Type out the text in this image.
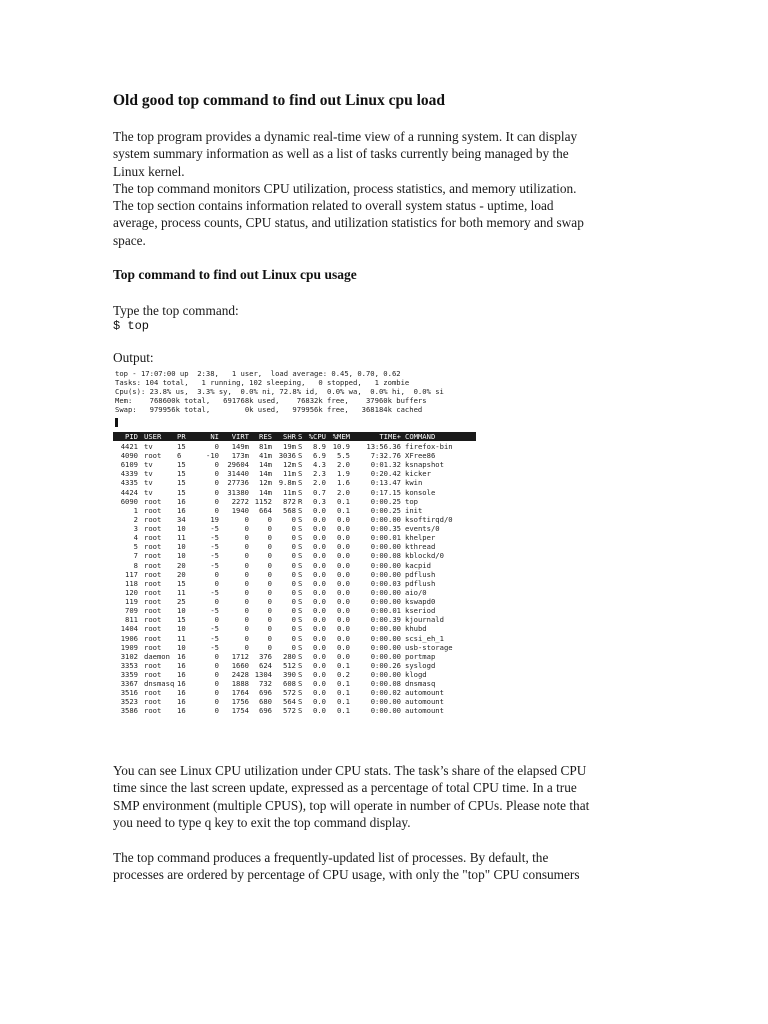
Old good top command to find out Linux cpu load
The top program provides a dynamic real-time view of a running system. It can display
system summary information as well as a list of tasks currently being managed by the
Linux kernel.
The top command monitors CPU utilization, process statistics, and memory utilization.
The top section contains information related to overall system status - uptime, load
average, process counts, CPU status, and utilization statistics for both memory and swap
space.
Top command to find out Linux cpu usage
Type the top command:
$ top
Output:
top - 17:07:00 up  2:38,   1 user,  load average: 0.45, 0.70, 0.62
Tasks: 104 total,   1 running, 102 sleeping,   0 stopped,   1 zombie
Cpu(s): 23.8% us,  3.3% sy,  0.0% ni, 72.8% id,  0.0% wa,  0.0% hi,  0.0% si
Mem:    768600k total,   691768k used,    76832k free,    37960k buffers
Swap:   979956k total,        0k used,   979956k free,   368184k cached
PID USER	PR	NI	VIRT	RES	SHR S %CPU %MEM	TIME+ COMMAND
4421 tv	15	0	149m	81m	19m S	8.9 10.9	13:56.36 firefox-bin
4090 root	6	-10	173m	41m 3036 S	6.9	5.5	7:32.76 XFree86
6109 tv	15	0	29604	14m	12m S	4.3	2.0	0:01.32 ksnapshot
4339 tv	15	0	31440	14m	11m S	2.3	1.9	0:20.42 kicker
4335 tv	15	0	27736	12m 9.8m S	2.0	1.6	0:13.47 kwin
4424 tv	15	0	31380	14m	11m S	0.7	2.0	0:17.15 konsole
6090 root	16	0	2272 1152	872 R	0.3	0.1	0:00.25 top
1 root	16	0	1940	664	568 S	0.0	0.1	0:00.25 init
2 root	34	19	0	0	0 S	0.0	0.0	0:00.00 ksoftirqd/0
3 root	10	-5	0	0	0 S	0.0	0.0	0:00.35 events/0
4 root	11	-5	0	0	0 S	0.0	0.0	0:00.01 khelper
5 root	10	-5	0	0	0 S	0.0	0.0	0:00.00 kthread
7 root	10	-5	0	0	0 S	0.0	0.0	0:00.08 kblockd/0
8 root	20	-5	0	0	0 S	0.0	0.0	0:00.00 kacpid
117 root	20	0	0	0	0 S	0.0	0.0	0:00.00 pdflush
118 root	15	0	0	0	0 S	0.0	0.0	0:00.03 pdflush
120 root	11	-5	0	0	0 S	0.0	0.0	0:00.00 aio/0
119 root	25	0	0	0	0 S	0.0	0.0	0:00.00 kswapd0
709 root	10	-5	0	0	0 S	0.0	0.0	0:00.01 kseriod
811 root	15	0	0	0	0 S	0.0	0.0	0:00.39 kjournald
1404 root	10	-5	0	0	0 S	0.0	0.0	0:00.00 khubd
1906 root	11	-5	0	0	0 S	0.0	0.0	0:00.00 scsi_eh_1
1909 root	10	-5	0	0	0 S	0.0	0.0	0:00.00 usb-storage
3102 daemon 16	0	1712	376	280 S	0.0	0.0	0:00.00 portmap
3353 root	16	0	1660	624	512 S	0.0	0.1	0:00.26 syslogd
3359 root	16	0	2428 1304	390 S	0.0	0.2	0:00.00 klogd
3367 dnsmasq 16	0	1888	732	608 S	0.0	0.1	0:00.08 dnsmasq
3516 root	16	0	1764	696	572 S	0.0	0.1	0:00.02 automount
3523 root	16	0	1756	680	564 S	0.0	0.1	0:00.00 automount
3586 root	16	0	1754	696	572 S	0.0	0.1	0:00.00 automount
You can see Linux CPU utilization under CPU stats. The task’s share of the elapsed CPU
time since the last screen update, expressed as a percentage of total CPU time. In a true
SMP environment (multiple CPUS), top will operate in number of CPUs. Please note that
you need to type q key to exit the top command display.
The top command produces a frequently-updated list of processes. By default, the
processes are ordered by percentage of CPU usage, with only the "top" CPU consumers
